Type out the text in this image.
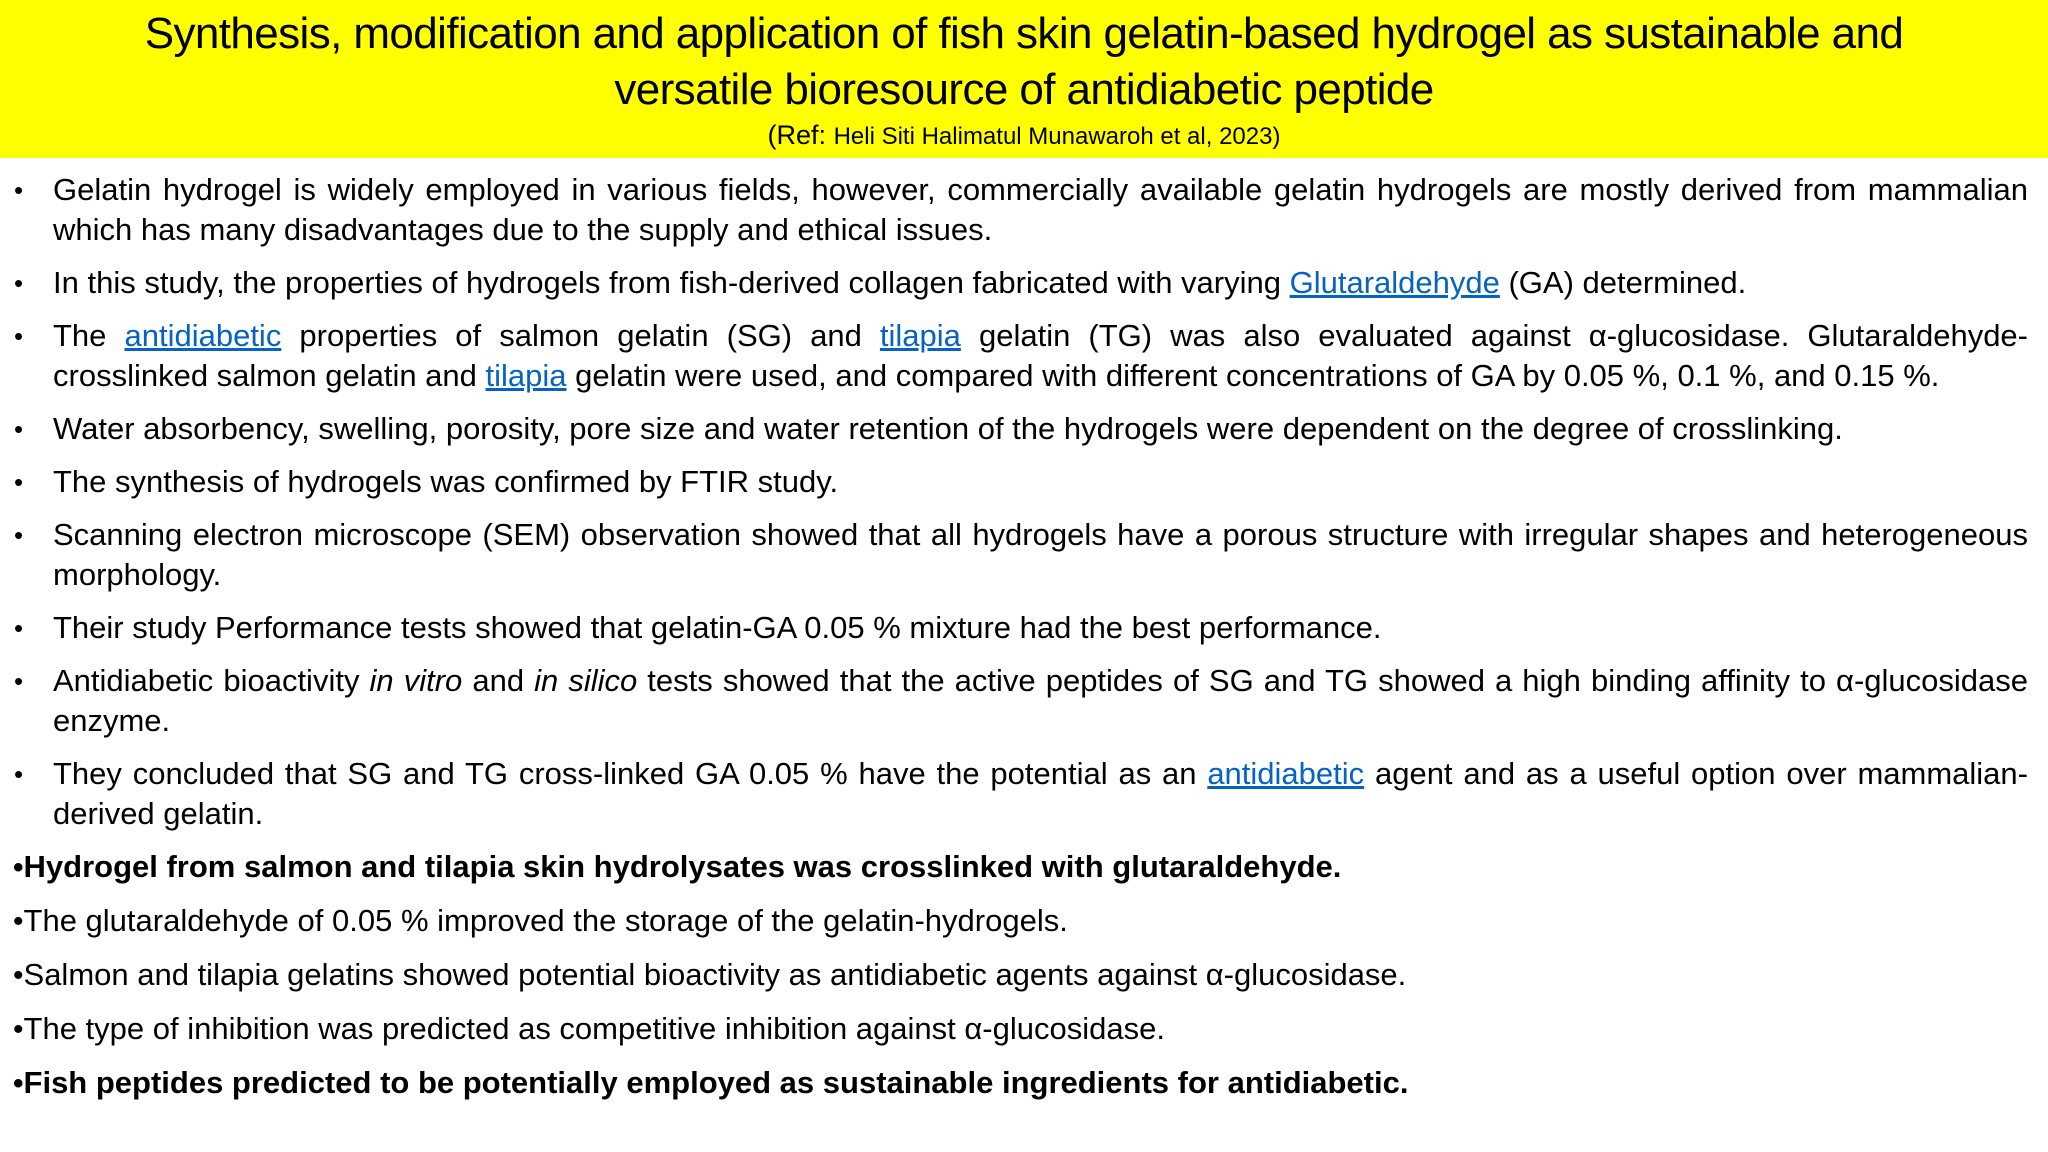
Synthesis, modification and application of fish skin gelatin-based hydrogel as sustainable and
versatile bioresource of antidiabetic peptide

(Ref: Heli Siti Halimatul Munawaroh et al, 2023)

• Gelatin hydrogel is widely employed in various fields, however, commercially available gelatin hydrogels are mostly derived from mammalian which has many disadvantages due to the supply and ethical issues.
• In this study, the properties of hydrogels from fish-derived collagen fabricated with varying Glutaraldehyde (GA) determined.
• The antidiabetic properties of salmon gelatin (SG) and tilapia gelatin (TG) was also evaluated against α-glucosidase. Glutaraldehyde-crosslinked salmon gelatin and tilapia gelatin were used, and compared with different concentrations of GA by 0.05 %, 0.1 %, and 0.15 %.
• Water absorbency, swelling, porosity, pore size and water retention of the hydrogels were dependent on the degree of crosslinking.
• The synthesis of hydrogels was confirmed by FTIR study.
• Scanning electron microscope (SEM) observation showed that all hydrogels have a porous structure with irregular shapes and heterogeneous morphology.
• Their study Performance tests showed that gelatin-GA 0.05 % mixture had the best performance.
• Antidiabetic bioactivity in vitro and in silico tests showed that the active peptides of SG and TG showed a high binding affinity to α-glucosidase enzyme.
• They concluded that SG and TG cross-linked GA 0.05 % have the potential as an antidiabetic agent and as a useful option over mammalian-derived gelatin.
•Hydrogel from salmon and tilapia skin hydrolysates was crosslinked with glutaraldehyde.
•The glutaraldehyde of 0.05 % improved the storage of the gelatin-hydrogels.
•Salmon and tilapia gelatins showed potential bioactivity as antidiabetic agents against α-glucosidase.
•The type of inhibition was predicted as competitive inhibition against α-glucosidase.
•Fish peptides predicted to be potentially employed as sustainable ingredients for antidiabetic.
